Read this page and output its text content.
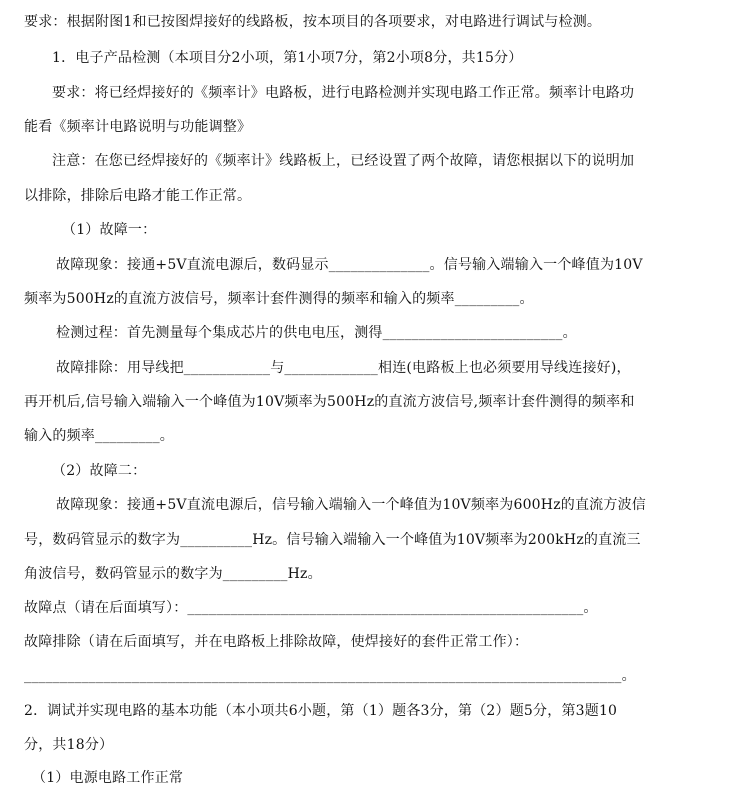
要求：根据附图1和已按图焊接好的线路板，按本项目的各项要求，对电路进行调试与检测。
1．电子产品检测（本项目分2小项，第1小项7分，第2小项8分，共15分）
要求：将已经焊接好的《频率计》电路板，进行电路检测并实现电路工作正常。频率计电路功
能看《频率计电路说明与功能调整》
注意：在您已经焊接好的《频率计》线路板上，已经设置了两个故障，请您根据以下的说明加
以排除，排除后电路才能工作正常。
（1）故障一：
故障现象：接通+5V直流电源后，数码显示______________。信号输入端输入一个峰值为10V
频率为500Hz的直流方波信号，频率计套件测得的频率和输入的频率_________。
检测过程：首先测量每个集成芯片的供电电压，测得_________________________。
故障排除：用导线把____________与_____________相连(电路板上也必须要用导线连接好)，
再开机后,信号输入端输入一个峰值为10V频率为500Hz的直流方波信号,频率计套件测得的频率和
输入的频率_________。
（2）故障二：
故障现象：接通+5V直流电源后，信号输入端输入一个峰值为10V频率为600Hz的直流方波信
号，数码管显示的数字为__________Hz。信号输入端输入一个峰值为10V频率为200kHz的直流三
角波信号，数码管显示的数字为_________Hz。
故障点（请在后面填写）：_______________________________________________________。
故障排除（请在后面填写，并在电路板上排除故障，使焊接好的套件正常工作）：
___________________________________________________________________________________。
2．调试并实现电路的基本功能（本小项共6小题，第（1）题各3分，第（2）题5分，第3题10
分，共18分）
（1）电源电路工作正常
